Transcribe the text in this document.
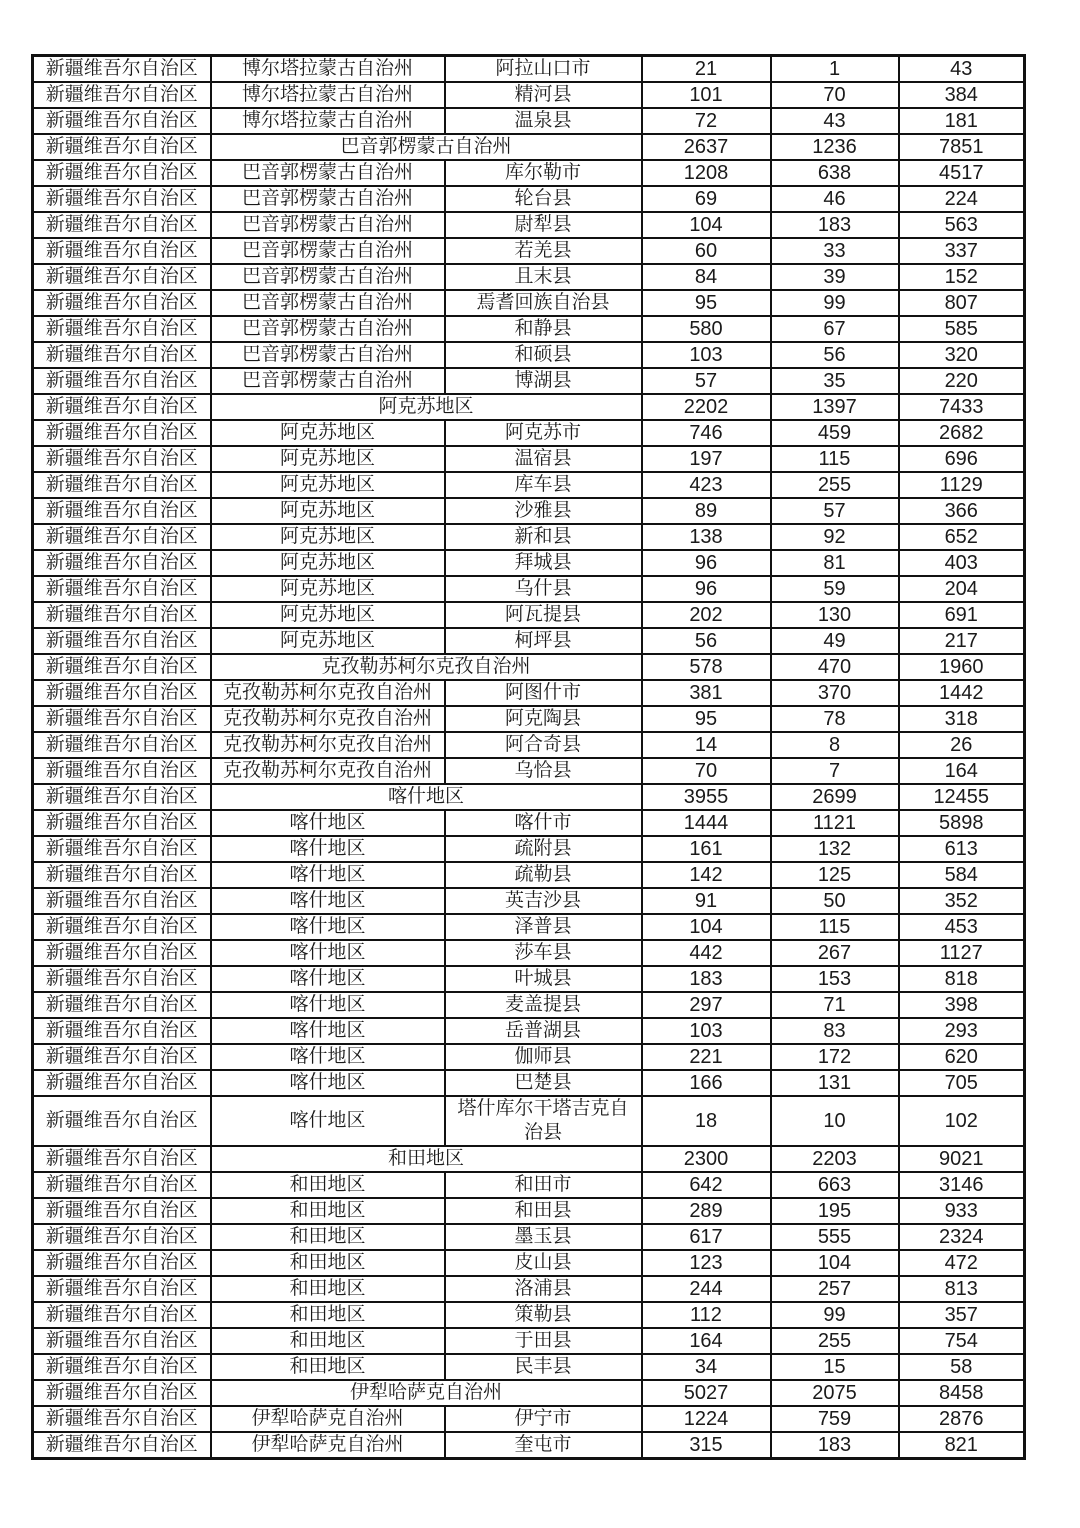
新疆维吾尔自治区	博尔塔拉蒙古自治州	阿拉山口市	21	1	43
新疆维吾尔自治区	博尔塔拉蒙古自治州	精河县	101	70	384
新疆维吾尔自治区	博尔塔拉蒙古自治州	温泉县	72	43	181
新疆维吾尔自治区	巴音郭楞蒙古自治州		2637	1236	7851
新疆维吾尔自治区	巴音郭楞蒙古自治州	库尔勒市	1208	638	4517
新疆维吾尔自治区	巴音郭楞蒙古自治州	轮台县	69	46	224
新疆维吾尔自治区	巴音郭楞蒙古自治州	尉犁县	104	183	563
新疆维吾尔自治区	巴音郭楞蒙古自治州	若羌县	60	33	337
新疆维吾尔自治区	巴音郭楞蒙古自治州	且末县	84	39	152
新疆维吾尔自治区	巴音郭楞蒙古自治州	焉耆回族自治县	95	99	807
新疆维吾尔自治区	巴音郭楞蒙古自治州	和静县	580	67	585
新疆维吾尔自治区	巴音郭楞蒙古自治州	和硕县	103	56	320
新疆维吾尔自治区	巴音郭楞蒙古自治州	博湖县	57	35	220
新疆维吾尔自治区	阿克苏地区		2202	1397	7433
新疆维吾尔自治区	阿克苏地区	阿克苏市	746	459	2682
新疆维吾尔自治区	阿克苏地区	温宿县	197	115	696
新疆维吾尔自治区	阿克苏地区	库车县	423	255	1129
新疆维吾尔自治区	阿克苏地区	沙雅县	89	57	366
新疆维吾尔自治区	阿克苏地区	新和县	138	92	652
新疆维吾尔自治区	阿克苏地区	拜城县	96	81	403
新疆维吾尔自治区	阿克苏地区	乌什县	96	59	204
新疆维吾尔自治区	阿克苏地区	阿瓦提县	202	130	691
新疆维吾尔自治区	阿克苏地区	柯坪县	56	49	217
新疆维吾尔自治区	克孜勒苏柯尔克孜自治州		578	470	1960
新疆维吾尔自治区	克孜勒苏柯尔克孜自治州	阿图什市	381	370	1442
新疆维吾尔自治区	克孜勒苏柯尔克孜自治州	阿克陶县	95	78	318
新疆维吾尔自治区	克孜勒苏柯尔克孜自治州	阿合奇县	14	8	26
新疆维吾尔自治区	克孜勒苏柯尔克孜自治州	乌恰县	70	7	164
新疆维吾尔自治区	喀什地区		3955	2699	12455
新疆维吾尔自治区	喀什地区	喀什市	1444	1121	5898
新疆维吾尔自治区	喀什地区	疏附县	161	132	613
新疆维吾尔自治区	喀什地区	疏勒县	142	125	584
新疆维吾尔自治区	喀什地区	英吉沙县	91	50	352
新疆维吾尔自治区	喀什地区	泽普县	104	115	453
新疆维吾尔自治区	喀什地区	莎车县	442	267	1127
新疆维吾尔自治区	喀什地区	叶城县	183	153	818
新疆维吾尔自治区	喀什地区	麦盖提县	297	71	398
新疆维吾尔自治区	喀什地区	岳普湖县	103	83	293
新疆维吾尔自治区	喀什地区	伽师县	221	172	620
新疆维吾尔自治区	喀什地区	巴楚县	166	131	705
新疆维吾尔自治区	喀什地区	塔什库尔干塔吉克自治县	18	10	102
新疆维吾尔自治区	和田地区		2300	2203	9021
新疆维吾尔自治区	和田地区	和田市	642	663	3146
新疆维吾尔自治区	和田地区	和田县	289	195	933
新疆维吾尔自治区	和田地区	墨玉县	617	555	2324
新疆维吾尔自治区	和田地区	皮山县	123	104	472
新疆维吾尔自治区	和田地区	洛浦县	244	257	813
新疆维吾尔自治区	和田地区	策勒县	112	99	357
新疆维吾尔自治区	和田地区	于田县	164	255	754
新疆维吾尔自治区	和田地区	民丰县	34	15	58
新疆维吾尔自治区	伊犁哈萨克自治州		5027	2075	8458
新疆维吾尔自治区	伊犁哈萨克自治州	伊宁市	1224	759	2876
新疆维吾尔自治区	伊犁哈萨克自治州	奎屯市	315	183	821
